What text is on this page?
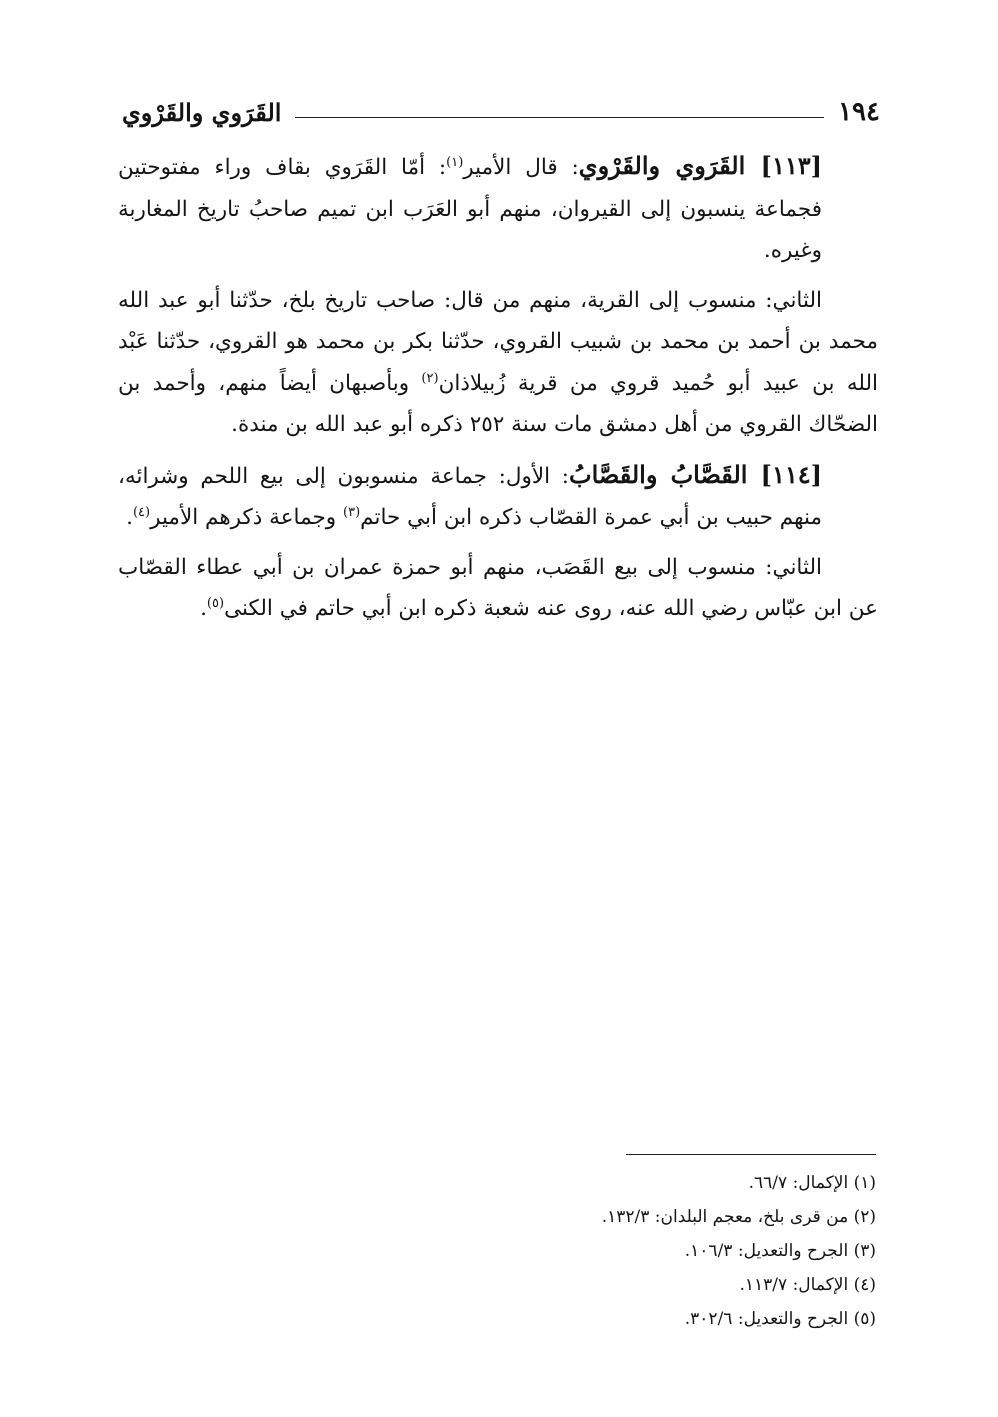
١٩٤
القَرَوي والقَرْوي

[١١٣] القَرَوي والقَرْوي: قال الأمير$^{(١)}$: أمّا القَرَوي بقاف وراء مفتوحتين فجماعة ينسبون إلى القيروان، منهم أبو العَرَب ابن تميم صاحبُ تاريخ المغاربة وغيره.

الثاني: منسوب إلى القرية، منهم من قال: صاحب تاريخ بلخ، حدّثنا أبو عبد الله محمد بن أحمد بن محمد بن شبيب القروي، حدّثنا بكر بن محمد هو القروي، حدّثنا عَبْد الله بن عبيد أبو حُميد قروي من قرية زُبيلاذان$^{(٢)}$ وبأصبهان أيضاً منهم، وأحمد بن الضحّاك القروي من أهل دمشق مات سنة ٢٥٢ ذكره أبو عبد الله بن مندة.

[١١٤] القَصَّابُ والقَصَّابُ: الأول: جماعة منسوبون إلى بيع اللحم وشرائه، منهم حبيب بن أبي عمرة القصّاب ذكره ابن أبي حاتم$^{(٣)}$ وجماعة ذكرهم الأمير$^{(٤)}$.

الثاني: منسوب إلى بيع القَصَب، منهم أبو حمزة عمران بن أبي عطاء القصّاب عن ابن عبّاس رضي الله عنه، روى عنه شعبة ذكره ابن أبي حاتم في الكنى$^{(٥)}$.

(١) الإكمال: ٦٦/٧.
(٢) من قرى بلخ، معجم البلدان: ١٣٢/٣.
(٣) الجرح والتعديل: ١٠٦/٣.
(٤) الإكمال: ١١٣/٧.
(٥) الجرح والتعديل: ٣٠٢/٦.
